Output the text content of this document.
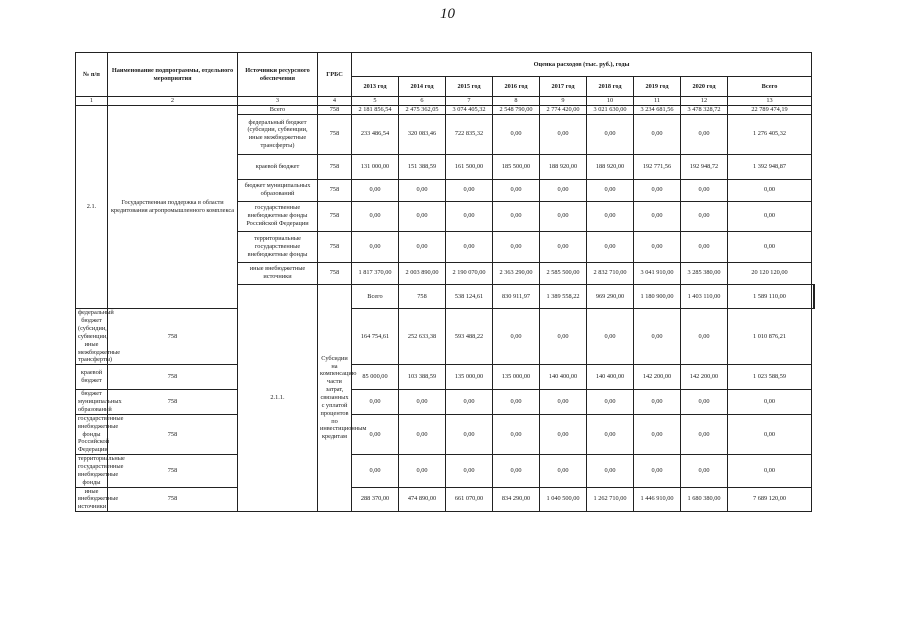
10
№ п/п	Наименование подпрограммы, отдельного мероприятия	Источники ресурсного обеспечения	ГРБС	Оценка расходов (тыс. руб.), годы										
				2013 год	2014 год	2015 год	2016 год	2017 год	2018 год	2019 год	2020 год	Всего		
1	2	3	4	5	6	7	8	9	10	11	12	13		
2.1.	Государственная поддержка в области кредитования агропромышленного комплекса	Всего	758	2 181 856,54	2 475 362,05	3 074 405,32	2 548 790,00	2 774 420,00	3 021 630,00	3 234 681,56	3 478 328,72	22 789 474,19		
		федеральный бюджет (субсидии, субвенции, иные межбюджетные трансферты)	758	233 486,54	320 083,46	722 835,32	0,00	0,00	0,00	0,00	0,00	1 276 405,32		
		краевой бюджет	758	131 000,00	151 388,59	161 500,00	185 500,00	188 920,00	188 920,00	192 771,56	192 948,72	1 392 948,87		
		бюджет муниципальных образований	758	0,00	0,00	0,00	0,00	0,00	0,00	0,00	0,00	0,00		
		государственные внебюджетные фонды Российской Федерации	758	0,00	0,00	0,00	0,00	0,00	0,00	0,00	0,00	0,00		
		территориальные государственные внебюджетные фонды	758	0,00	0,00	0,00	0,00	0,00	0,00	0,00	0,00	0,00		
		иные внебюджетные источники	758	1 817 370,00	2 003 890,00	2 190 070,00	2 363 290,00	2 585 500,00	2 832 710,00	3 041 910,00	3 285 380,00	20 120 120,00		
		2.1.1.	Субсидии на компенсацию части затрат, связанных с уплатой процентов по инвестиционным кредитам	Всего	758	538 124,61	830 911,97	1 389 558,22	969 290,00	1 180 900,00	1 403 110,00	1 589 110,00		
федеральный бюджет (субсидии, субвенции, иные межбюджетные трансферты)	758			164 754,61	252 633,38	593 488,22	0,00	0,00	0,00	0,00	0,00	1 010 876,21		
краевой бюджет	758			85 000,00	103 388,59	135 000,00	135 000,00	140 400,00	140 400,00	142 200,00	142 200,00	1 023 588,59		
бюджет муниципальных образований	758			0,00	0,00	0,00	0,00	0,00	0,00	0,00	0,00	0,00		
государственные внебюджетные фонды Российской Федерации	758			0,00	0,00	0,00	0,00	0,00	0,00	0,00	0,00	0,00		
территориальные государственные внебюджетные фонды	758			0,00	0,00	0,00	0,00	0,00	0,00	0,00	0,00	0,00		
иные внебюджетные источники	758			288 370,00	474 890,00	661 070,00	834 290,00	1 040 500,00	1 262 710,00	1 446 910,00	1 680 380,00	7 689 120,00		
